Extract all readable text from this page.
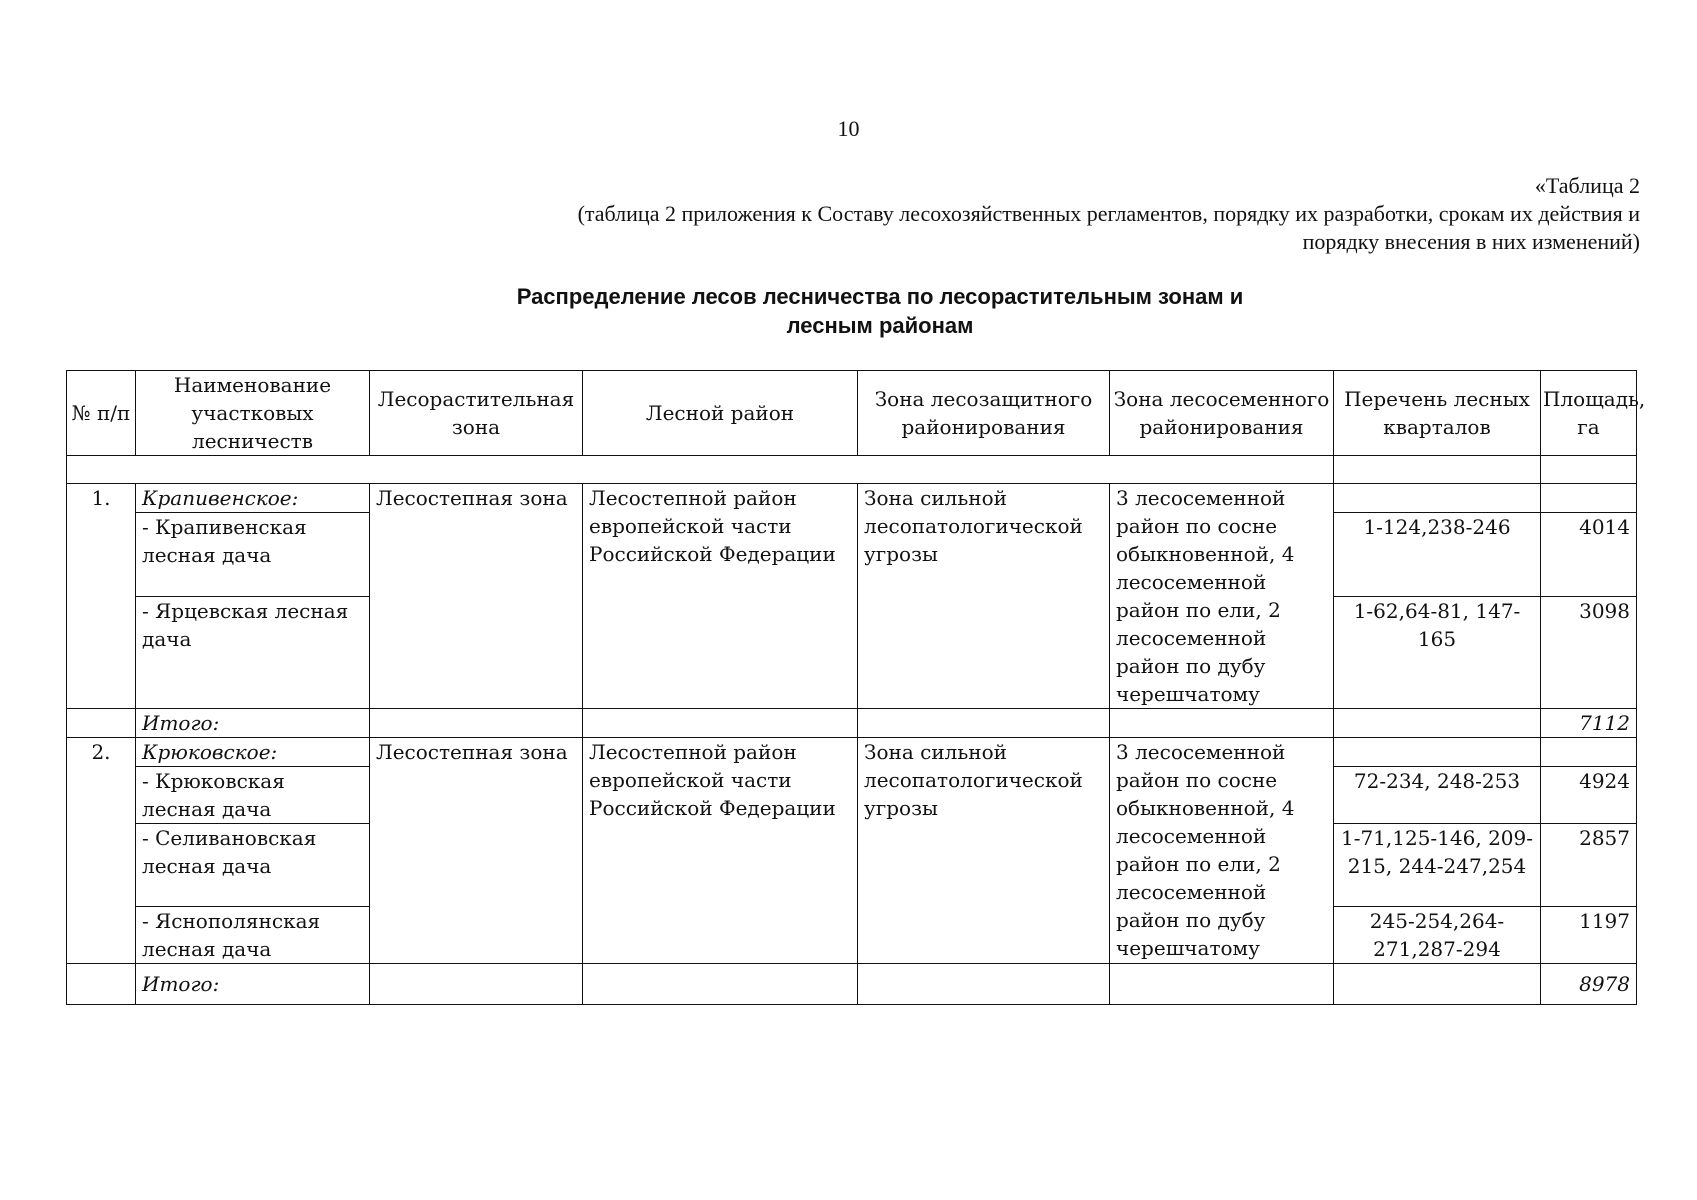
10
«Таблица 2
(таблица 2 приложения к Составу лесохозяйственных регламентов, порядку их разработки, срокам их действия и
порядку внесения в них изменений)
Распределение лесов лесничества по лесорастительным зонам и
лесным районам
№ п/п	Наименование участковых лесничеств	Лесорастительная зона	Лесной район	Зона лесозащитного районирования	Зона лесосеменного районирования	Перечень лесных кварталов	Площадь, га

1.	Крапивенское:	Лесостепная зона	Лесостепной район европейской части Российской Федерации	Зона сильной лесопатологической угрозы	3 лесосеменной район по сосне обыкновенной, 4 лесосеменной район по ели, 2 лесосеменной район по дубу черешчатому		
	- Крапивенская лесная дача					1-124,238-246	4014
	- Ярцевская лесная дача					1-62,64-81, 147-165	3098
	Итого:						7112
2.	Крюковское:	Лесостепная зона	Лесостепной район европейской части Российской Федерации	Зона сильной лесопатологической угрозы	3 лесосеменной район по сосне обыкновенной, 4 лесосеменной район по ели, 2 лесосеменной район по дубу черешчатому		
	- Крюковская лесная дача					72-234, 248-253	4924
	- Селивановская лесная дача					1-71,125-146, 209-215, 244-247,254	2857
	- Яснополянская лесная дача					245-254,264-271,287-294	1197
	Итого:						8978
